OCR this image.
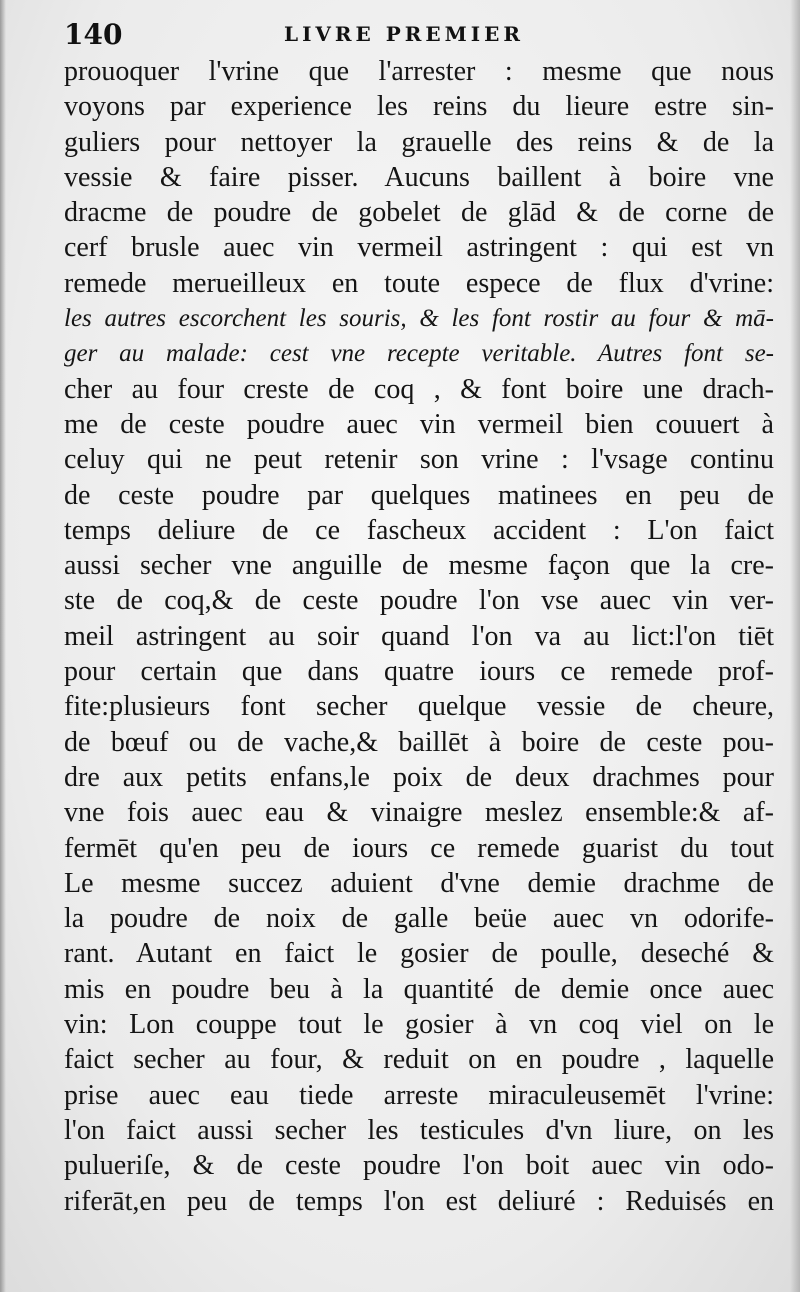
140	LIVRE PREMIER
prouoquer l'vrine que l'arrester : mesme que nous
voyons par experience les reins du lieure estre sin-
guliers pour nettoyer la grauelle des reins & de la
vessie & faire pisser. Aucuns baillent à boire vne
dracme de poudre de gobelet de glād & de corne de
cerf brusle auec vin vermeil astringent : qui est vn
remede merueilleux en toute espece de flux d'vrine:
les autres escorchent les souris, & les font rostir au four & mā-
ger au malade: cest vne recepte veritable. Autres font se-
cher au four creste de coq , & font boire une drach-
me de ceste poudre auec vin vermeil bien couuert à
celuy qui ne peut retenir son vrine : l'vsage continu
de ceste poudre par quelques matinees en peu de
temps deliure de ce fascheux accident : L'on faict
aussi secher vne anguille de mesme façon que la cre-
ste de coq,& de ceste poudre l'on vse auec vin ver-
meil astringent au soir quand l'on va au lict:l'on tiēt
pour certain que dans quatre iours ce remede prof-
fite:plusieurs font secher quelque vessie de cheure,
de bœuf ou de vache,& baillēt à boire de ceste pou-
dre aux petits enfans,le poix de deux drachmes pour
vne fois auec eau & vinaigre meslez ensemble:& af-
fermēt qu'en peu de iours ce remede guarist du tout
Le mesme succez aduient d'vne demie drachme de
la poudre de noix de galle beüe auec vn odorife-
rant. Autant en faict le gosier de poulle, deseché &
mis en poudre beu à la quantité de demie once auec
vin: Lon couppe tout le gosier à vn coq viel on le
faict secher au four, & reduit on en poudre , laquelle
prise auec eau tiede arreste miraculeusemēt l'vrine:
l'on faict aussi secher les testicules d'vn liure, on les
pulueriſe, & de ceste poudre l'on boit auec vin odo-
riferāt,en peu de temps l'on est deliuré : Reduisés en
